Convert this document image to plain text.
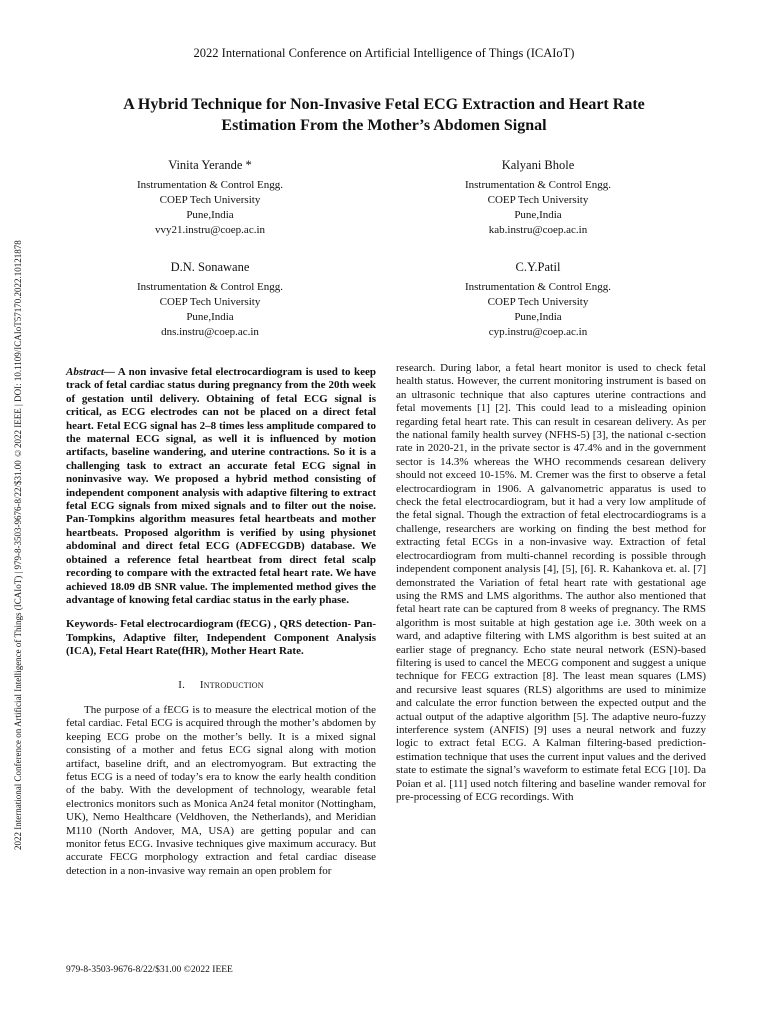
2022 International Conference on Artificial Intelligence of Things (ICAIoT)
A Hybrid Technique for Non-Invasive Fetal ECG Extraction and Heart Rate
Estimation From the Mother’s Abdomen Signal
Vinita Yerande *
Instrumentation & Control Engg.
COEP Tech University
Pune,India
vvy21.instru@coep.ac.in
Kalyani Bhole
Instrumentation & Control Engg.
COEP Tech University
Pune,India
kab.instru@coep.ac.in
D.N. Sonawane
Instrumentation & Control Engg.
COEP Tech University
Pune,India
dns.instru@coep.ac.in
C.Y.Patil
Instrumentation & Control Engg.
COEP Tech University
Pune,India
cyp.instru@coep.ac.in
2022 International Conference on Artificial Intelligence of Things (ICAIoT) | 979-8-3503-9676-8/22/$31.00 ©2022 IEEE | DOI: 10.1109/ICAIoT57170.2022.10121878	Abstract— A non invasive fetal electrocardiogram is used to keep track of fetal cardiac status during pregnancy from the 20th week of gestation until delivery. Obtaining of fetal ECG signal is critical, as ECG electrodes can not be placed on a direct fetal heart. Fetal ECG signal has 2–8 times less amplitude compared to the maternal ECG signal, as well it is influenced by motion artifacts, baseline wandering, and uterine contractions. So it is a challenging task to extract an accurate fetal ECG signal in noninvasive way. We proposed a hybrid method consisting of independent component analysis with adaptive filtering to extract fetal ECG signals from mixed signals and to filter out the noise. Pan-Tompkins algorithm measures fetal heartbeats and mother heartbeats. Proposed algorithm is verified by using physionet abdominal and direct fetal ECG (ADFECGDB) database. We obtained a reference fetal heartbeat from direct fetal scalp recording to compare with the extracted fetal heart rate. We have achieved 18.09 dB SNR value. The implemented method gives the advantage of knowing fetal cardiac status in the early phase.

Keywords- Fetal electrocardiogram (fECG) , QRS detection- Pan-Tompkins, Adaptive filter, Independent Component Analysis (ICA), Fetal Heart Rate(fHR), Mother Heart Rate.

I. Introduction

The purpose of a fECG is to measure the electrical motion of the fetal cardiac. Fetal ECG is acquired through the mother’s abdomen by keeping ECG probe on the mother’s belly. It is a mixed signal consisting of a mother and fetus ECG signal along with motion artifact, baseline drift, and an electromyogram. But extracting the fetus ECG is a need of today’s era to know the early health condition of the baby. With the development of technology, wearable fetal electronics monitors such as Monica An24 fetal monitor (Nottingham, UK), Nemo Healthcare (Veldhoven, the Netherlands), and Meridian M110 (North Andover, MA, USA) are getting popular and can monitor fetus ECG. Invasive techniques give maximum accuracy. But accurate FECG morphology extraction and fetal cardiac disease detection in a non-invasive way remain an open problem for

research. During labor, a fetal heart monitor is used to check fetal health status. However, the current monitoring instrument is based on an ultrasonic technique that also captures uterine contractions and fetal movements [1] [2]. This could lead to a misleading opinion regarding fetal heart rate. This can result in cesarean delivery. As per the national family health survey (NFHS-5) [3], the national c-section rate in 2020-21, in the private sector is 47.4% and in the government sector is 14.3% whereas the WHO recommends cesarean delivery should not exceed 10-15%. M. Cremer was the first to observe a fetal electrocardiogram in 1906. A galvanometric apparatus is used to check the fetal electrocardiogram, but it had a very low amplitude of the fetal signal. Though the extraction of fetal electrocardiograms is a challenge, researchers are working on finding the best method for extracting fetal ECGs in a non-invasive way. Extraction of fetal electrocardiogram from multi-channel recording is possible through independent component analysis [4], [5], [6]. R. Kahankova et. al. [7] demonstrated the Variation of fetal heart rate with gestational age using the RMS and LMS algorithms. The author also mentioned that fetal heart rate can be captured from 8 weeks of pregnancy. The RMS algorithm is most suitable at high gestation age i.e. 30th week on a ward, and adaptive filtering with LMS algorithm is best suited at an earlier stage of pregnancy. Echo state neural network (ESN)-based filtering is used to cancel the MECG component and suggest a unique technique for FECG extraction [8]. The least mean squares (LMS) and recursive least squares (RLS) algorithms are used to minimize and calculate the error function between the expected output and the actual output of the adaptive algorithm [5]. The adaptive neuro-fuzzy interference system (ANFIS) [9] uses a neural network and fuzzy logic to extract fetal ECG. A Kalman filtering-based prediction-estimation technique that uses the current input values and the derived state to estimate the signal’s waveform to estimate fetal ECG [10]. Da Poian et al. [11] used notch filtering and baseline wander removal for pre-processing of ECG recordings. With

979-8-3503-9676-8/22/$31.00 ©2022 IEEE
